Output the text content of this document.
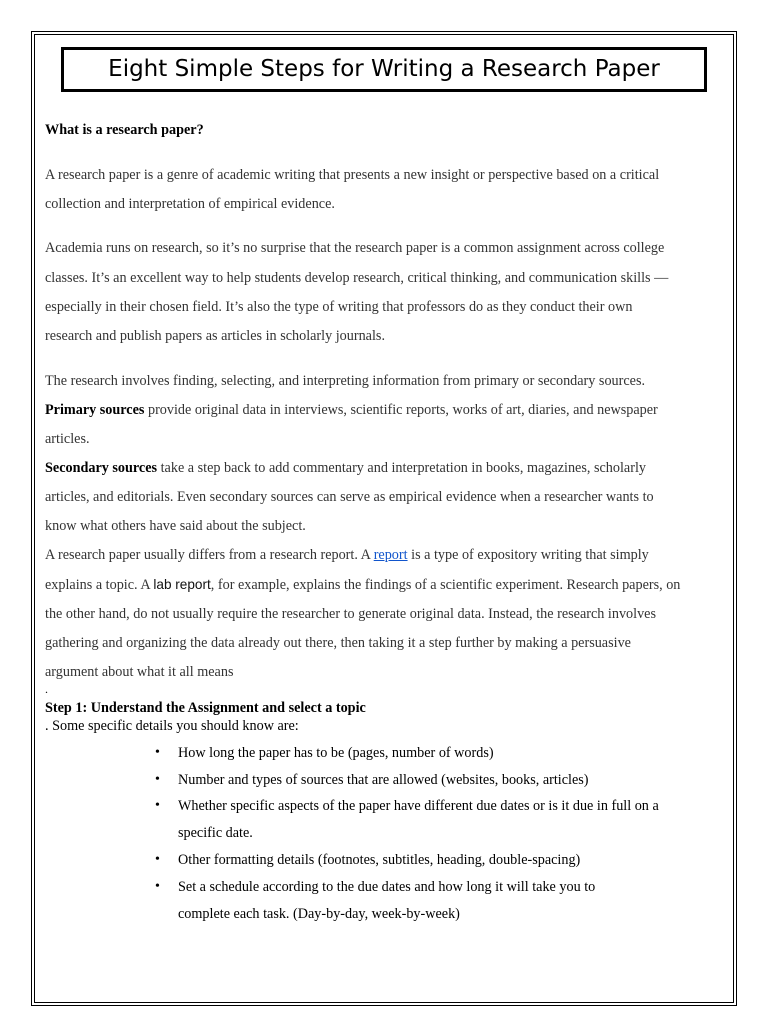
Eight Simple Steps for Writing a Research Paper
What is a research paper?
A research paper is a genre of academic writing that presents a new insight or perspective based on a critical
collection and interpretation of empirical evidence.
Academia runs on research, so it’s no surprise that the research paper is a common assignment across college
classes. It’s an excellent way to help students develop research, critical thinking, and communication skills —
especially in their chosen field. It’s also the type of writing that professors do as they conduct their own
research and publish papers as articles in scholarly journals.
The research involves finding, selecting, and interpreting information from primary or secondary sources.
Primary sources provide original data in interviews, scientific reports, works of art, diaries, and newspaper
articles.
Secondary sources take a step back to add commentary and interpretation in books, magazines, scholarly
articles, and editorials. Even secondary sources can serve as empirical evidence when a researcher wants to
know what others have said about the subject.
A research paper usually differs from a research report. A report is a type of expository writing that simply
explains a topic. A lab report, for example, explains the findings of a scientific experiment. Research papers, on
the other hand, do not usually require the researcher to generate original data. Instead, the research involves
gathering and organizing the data already out there, then taking it a step further by making a persuasive
argument about what it all means
.
Step 1: Understand the Assignment and select a topic
. Some specific details you should know are:
• How long the paper has to be (pages, number of words)
• Number and types of sources that are allowed (websites, books, articles)
• Whether specific aspects of the paper have different due dates or is it due in full on a
specific date.
• Other formatting details (footnotes, subtitles, heading, double-spacing)
• Set a schedule according to the due dates and how long it will take you to
complete each task. (Day-by-day, week-by-week)
